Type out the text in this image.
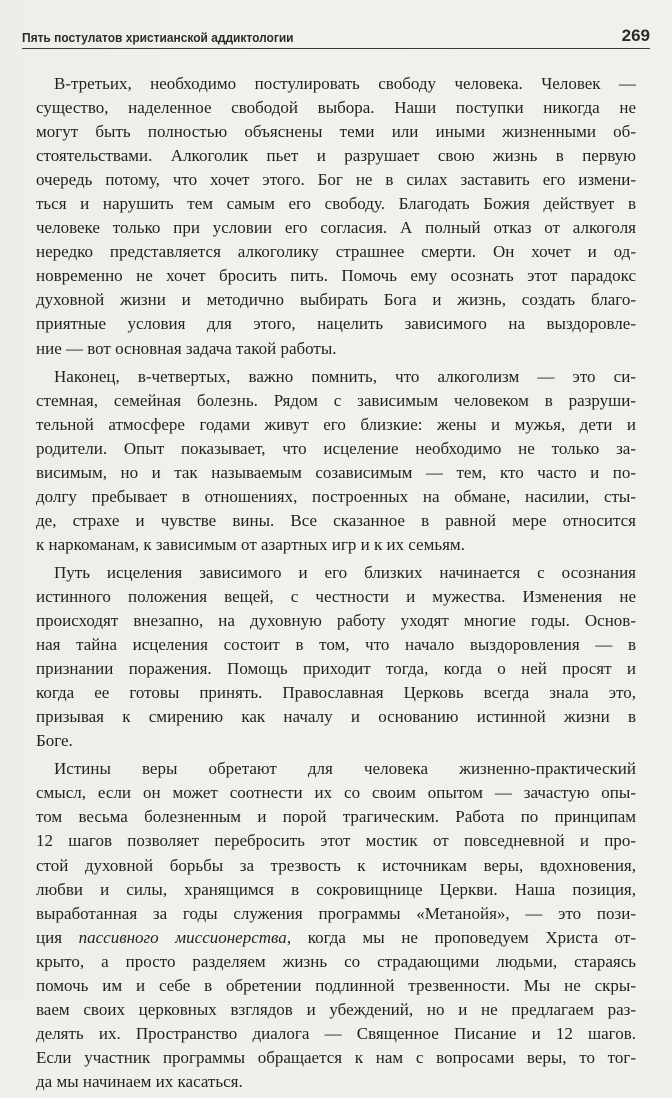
Пять постулатов христианской аддиктологии	269

В-третьих, необходимо постулировать свободу человека. Человек —
существо, наделенное свободой выбора. Наши поступки никогда не
могут быть полностью объяснены теми или иными жизненными об-
стоятельствами. Алкоголик пьет и разрушает свою жизнь в первую
очередь потому, что хочет этого. Бог не в силах заставить его измени-
ться и нарушить тем самым его свободу. Благодать Божия действует в
человеке только при условии его согласия. А полный отказ от алкоголя
нередко представляется алкоголику страшнее смерти. Он хочет и од-
новременно не хочет бросить пить. Помочь ему осознать этот парадокс
духовной жизни и методично выбирать Бога и жизнь, создать благо-
приятные условия для этого, нацелить зависимого на выздоровле-
ние — вот основная задача такой работы.

Наконец, в-четвертых, важно помнить, что алкоголизм — это си-
стемная, семейная болезнь. Рядом с зависимым человеком в разруши-
тельной атмосфере годами живут его близкие: жены и мужья, дети и
родители. Опыт показывает, что исцеление необходимо не только за-
висимым, но и так называемым созависимым — тем, кто часто и по-
долгу пребывает в отношениях, построенных на обмане, насилии, сты-
де, страхе и чувстве вины. Все сказанное в равной мере относится
к наркоманам, к зависимым от азартных игр и к их семьям.

Путь исцеления зависимого и его близких начинается с осознания
истинного положения вещей, с честности и мужества. Изменения не
происходят внезапно, на духовную работу уходят многие годы. Основ-
ная тайна исцеления состоит в том, что начало выздоровления — в
признании поражения. Помощь приходит тогда, когда о ней просят и
когда ее готовы принять. Православная Церковь всегда знала это,
призывая к смирению как началу и основанию истинной жизни в
Боге.

Истины веры обретают для человека жизненно-практический
смысл, если он может соотнести их со своим опытом — зачастую опы-
том весьма болезненным и порой трагическим. Работа по принципам
12 шагов позволяет перебросить этот мостик от повседневной и про-
стой духовной борьбы за трезвость к источникам веры, вдохновения,
любви и силы, хранящимся в сокровищнице Церкви. Наша позиция,
выработанная за годы служения программы «Метанойя», — это пози-
ция пассивного миссионерства, когда мы не проповедуем Христа от-
крыто, а просто разделяем жизнь со страдающими людьми, стараясь
помочь им и себе в обретении подлинной трезвенности. Мы не скры-
ваем своих церковных взглядов и убеждений, но и не предлагаем раз-
делять их. Пространство диалога — Священное Писание и 12 шагов.
Если участник программы обращается к нам с вопросами веры, то тог-
да мы начинаем их касаться.
